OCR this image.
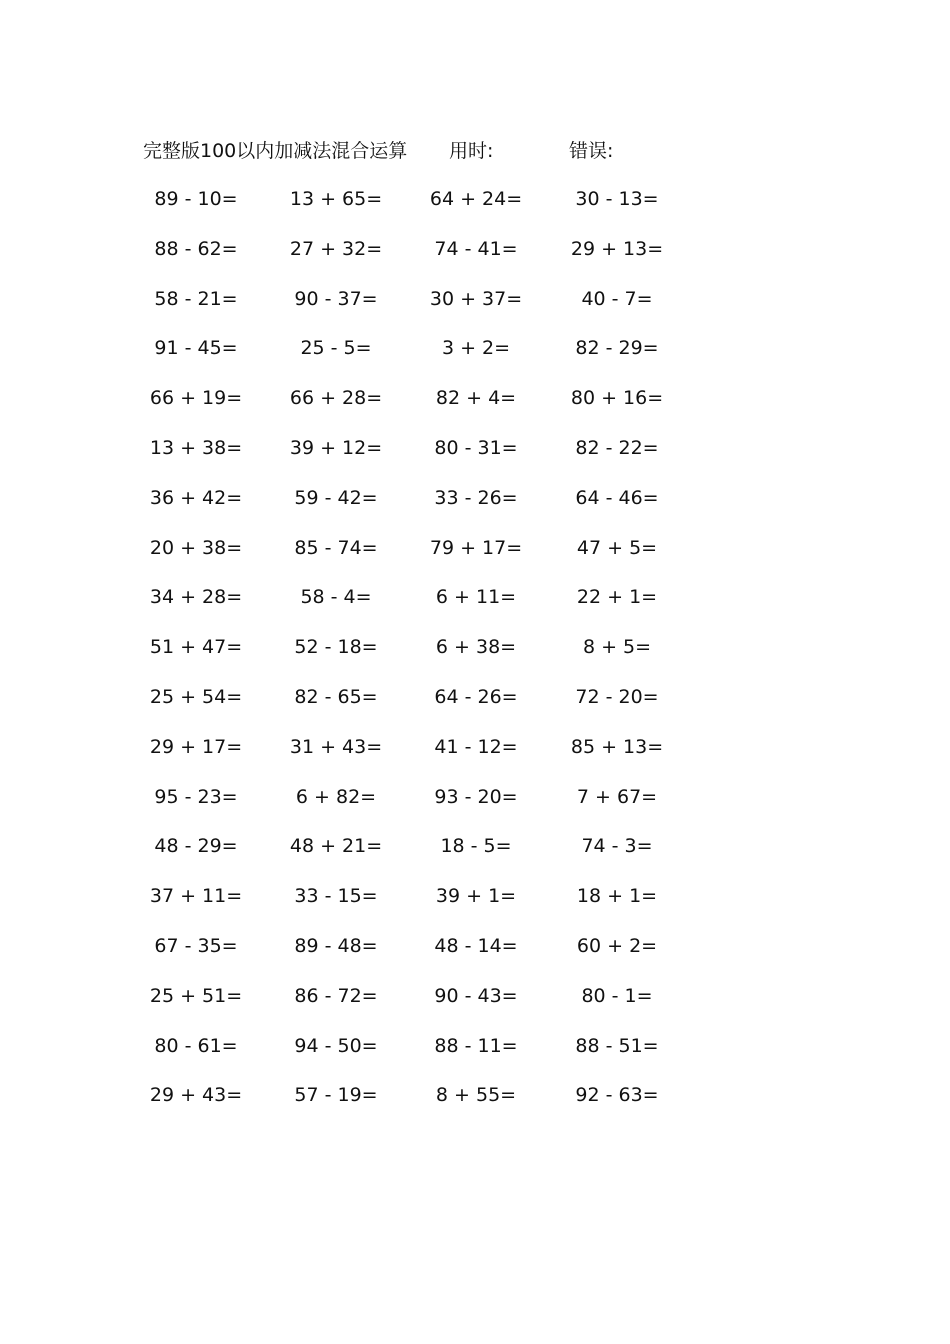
完整版100以内加减法混合运算 用时:	错误:
89 - 10=	13 + 65=	64 + 24=	30 - 13=
88 - 62=	27 + 32=	74 - 41=	29 + 13=
58 - 21=	90 - 37=	30 + 37=	40 - 7=
91 - 45=	25 - 5=	3 + 2=	82 - 29=
66 + 19=	66 + 28=	82 + 4=	80 + 16=
13 + 38=	39 + 12=	80 - 31=	82 - 22=
36 + 42=	59 - 42=	33 - 26=	64 - 46=
20 + 38=	85 - 74=	79 + 17=	47 + 5=
34 + 28=	58 - 4=	6 + 11=	22 + 1=
51 + 47=	52 - 18=	6 + 38=	8 + 5=
25 + 54=	82 - 65=	64 - 26=	72 - 20=
29 + 17=	31 + 43=	41 - 12=	85 + 13=
95 - 23=	6 + 82=	93 - 20=	7 + 67=
48 - 29=	48 + 21=	18 - 5=	74 - 3=
37 + 11=	33 - 15=	39 + 1=	18 + 1=
67 - 35=	89 - 48=	48 - 14=	60 + 2=
25 + 51=	86 - 72=	90 - 43=	80 - 1=
80 - 61=	94 - 50=	88 - 11=	88 - 51=
29 + 43=	57 - 19=	8 + 55=	92 - 63=
